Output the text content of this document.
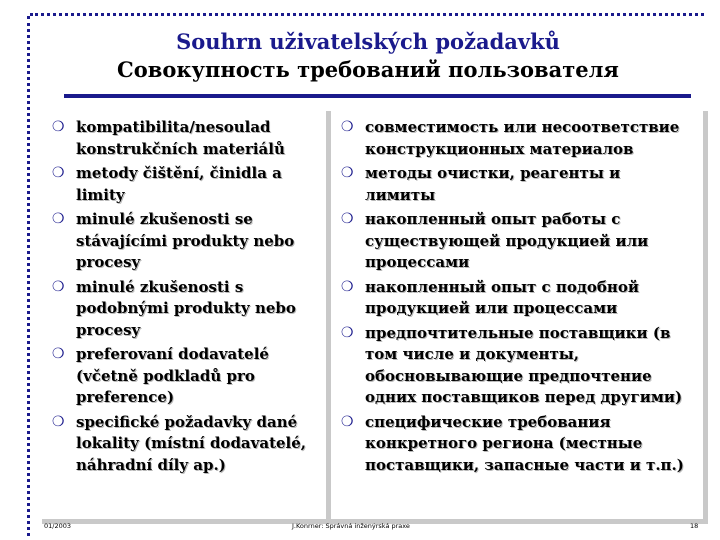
Souhrn uživatelských požadavků
Совокупность требований пользователя
❍ kompatibilita/nesoulad konstrukčních materiálů
❍ metody čištění, činidla a limity
❍ minulé zkušenosti se stávajícími produkty nebo procesy
❍ minulé zkušenosti s podobnými produkty nebo procesy
❍ preferovaní dodavatelé (včetně podkladů pro preference)
❍ specifické požadavky dané lokality (místní dodavatelé, náhradní díly ap.)
❍ совместимость или несоответствие конструкционных материалов
❍ методы очистки, реагенты и лимиты
❍ накопленный опыт работы с существующей продукцией или процессами
❍ накопленный опыт с подобной продукцией или процессами
❍ предпочтительные поставщики (в том числе и документы, обосновывающие предпочтение одних поставщиков перед другими)
❍ специфические требования конкретного региона (местные поставщики, запасные части и т.п.)
01/2003	J.Konrner: Správná inženýrská praxe	18
